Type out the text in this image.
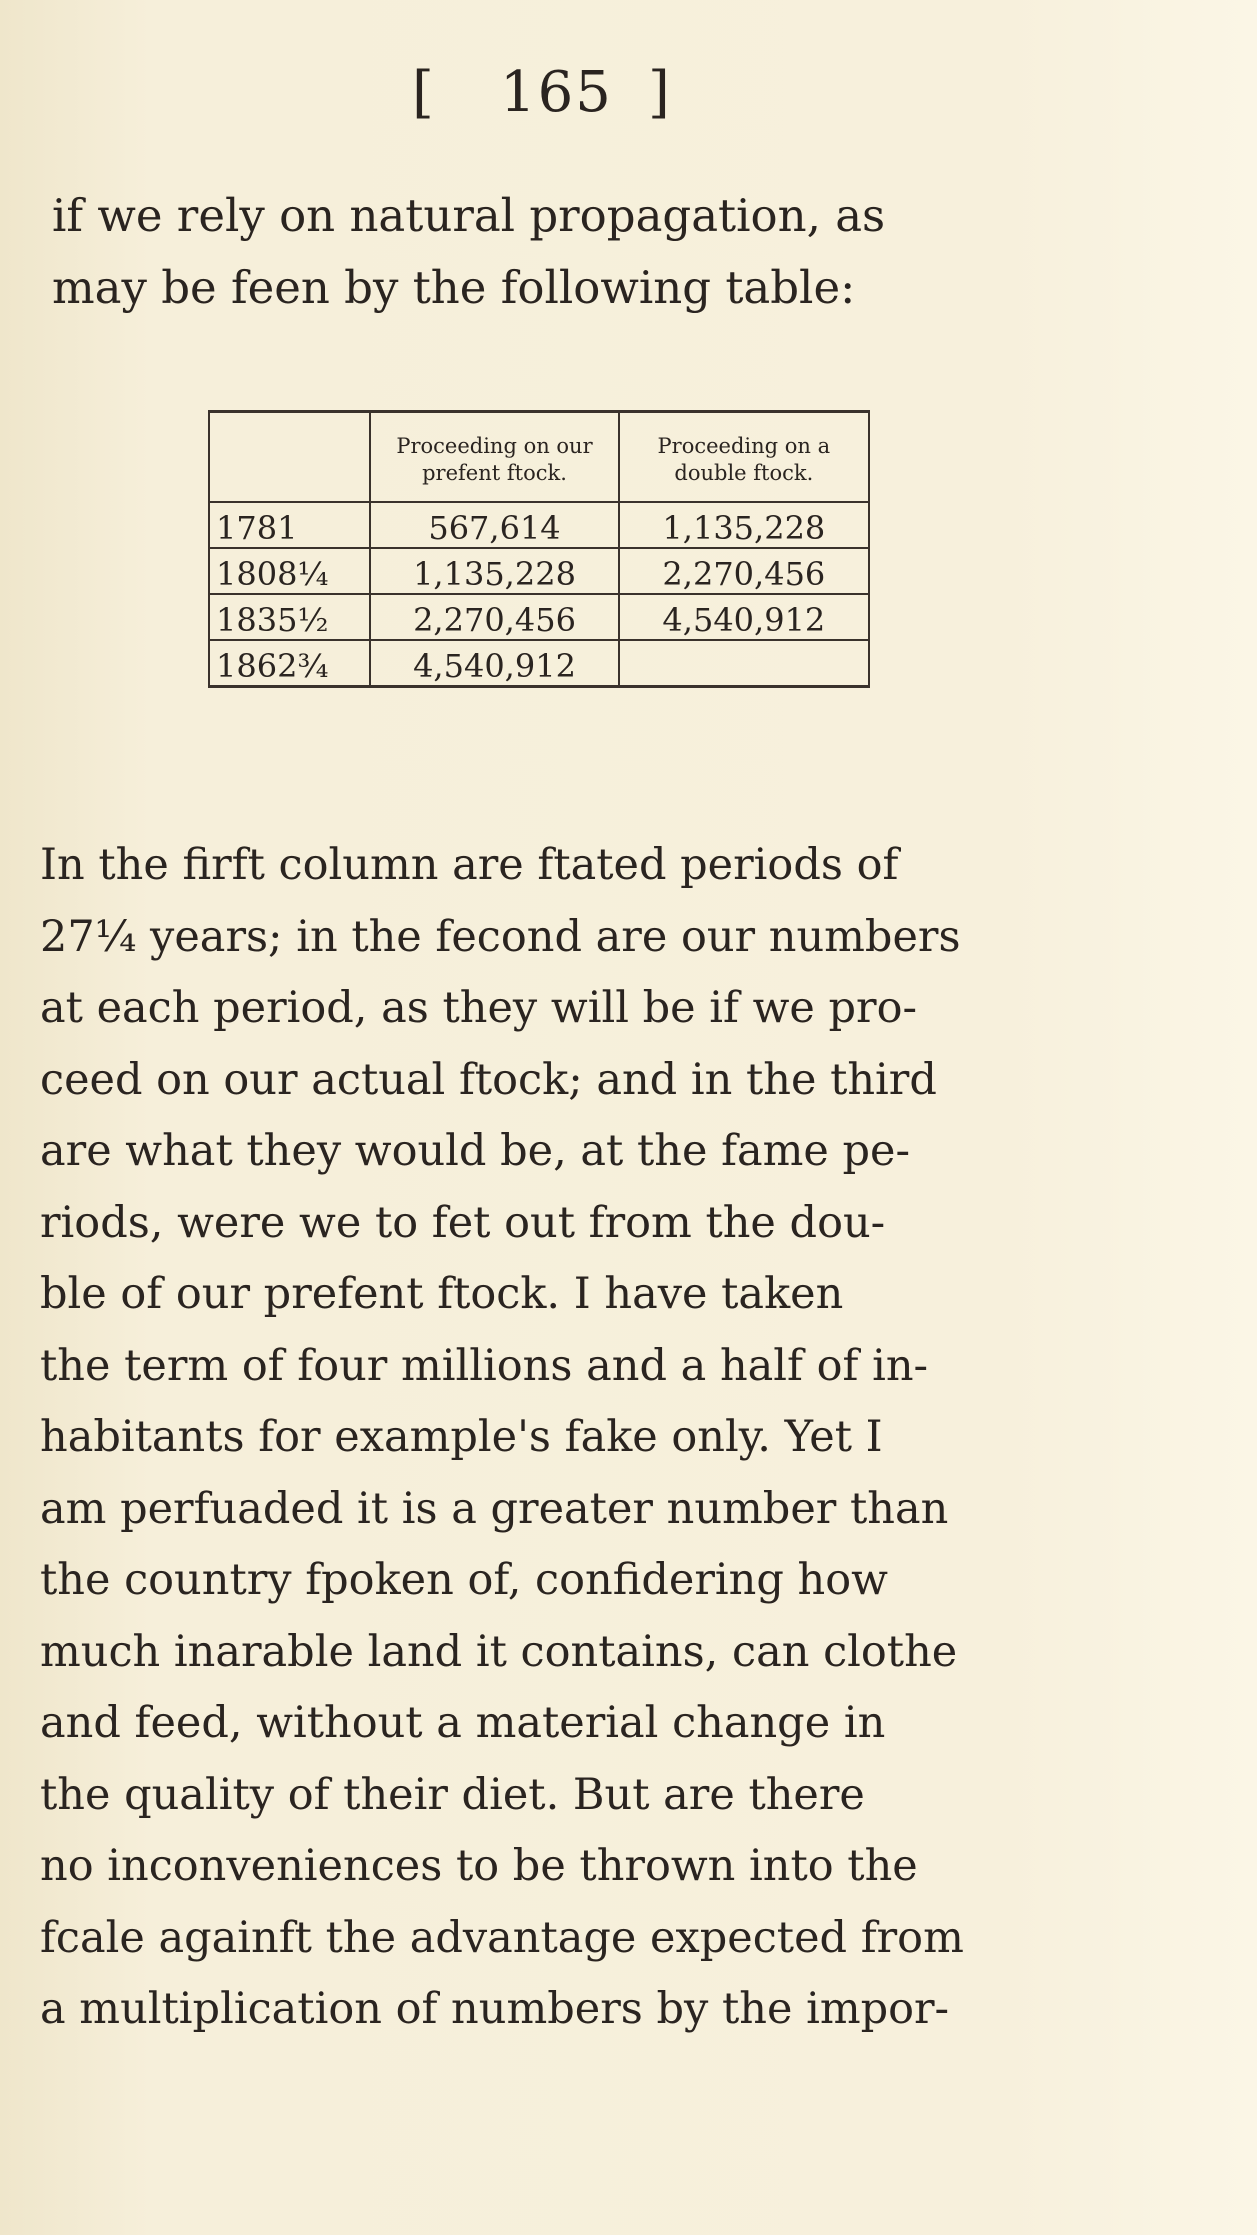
[ 165 ]
if we rely on natural propagation, as
may be feen by the following table:
	Proceeding on our prefent ftock.	Proceeding on a double ftock.
1781	567,614	1,135,228
1808¼	1,135,228	2,270,456
1835½	2,270,456	4,540,912
1862¾	4,540,912	
In the firft column are ftated periods of
27¼ years; in the fecond are our numbers
at each period, as they will be if we pro-
ceed on our actual ftock; and in the third
are what they would be, at the fame pe-
riods, were we to fet out from the dou-
ble of our prefent ftock. I have taken
the term of four millions and a half of in-
habitants for example's fake only. Yet I
am perfuaded it is a greater number than
the country fpoken of, confidering how
much inarable land it contains, can clothe
and feed, without a material change in
the quality of their diet. But are there
no inconveniences to be thrown into the
fcale againft the advantage expected from
a multiplication of numbers by the impor-
